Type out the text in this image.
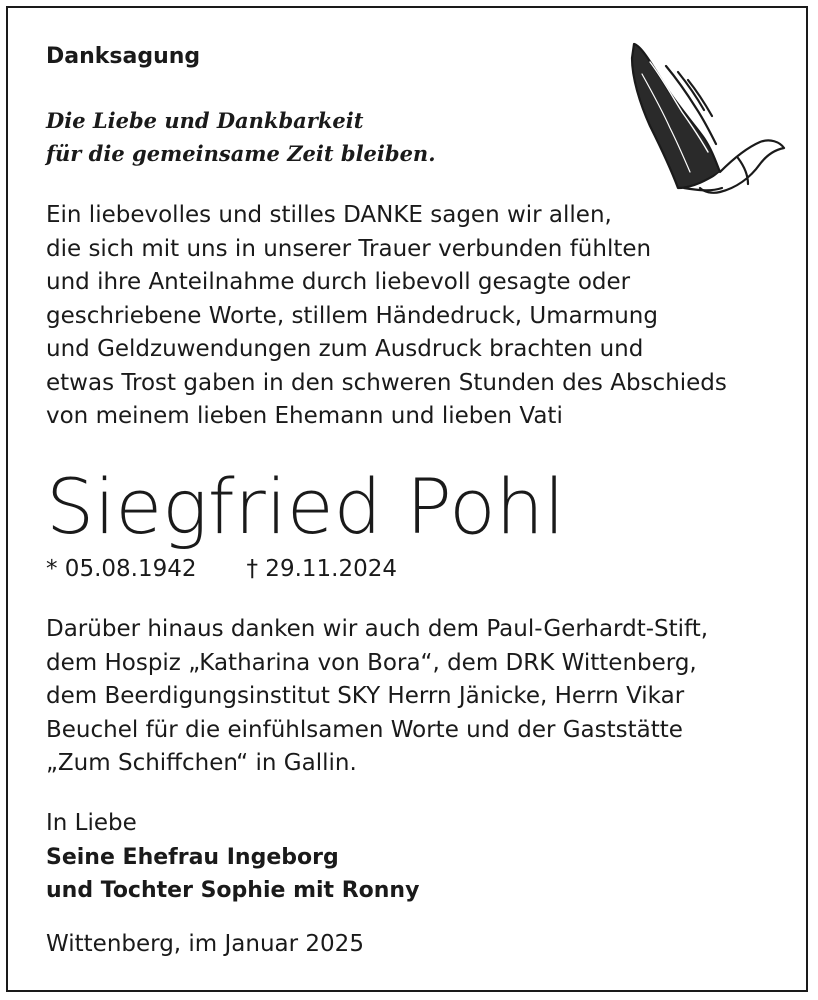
Danksagung
Die Liebe und Dankbarkeit
für die gemeinsame Zeit bleiben.
Ein liebevolles und stilles DANKE sagen wir allen,
die sich mit uns in unserer Trauer verbunden fühlten
und ihre Anteilnahme durch liebevoll gesagte oder
geschriebene Worte, stillem Händedruck, Umarmung
und Geldzuwendungen zum Ausdruck brachten und
etwas Trost gaben in den schweren Stunden des Abschieds
von meinem lieben Ehemann und lieben Vati
Siegfried Pohl
* 05.08.1942 † 29.11.2024
Darüber hinaus danken wir auch dem Paul-Gerhardt-Stift,
dem Hospiz „Katharina von Bora“, dem DRK Wittenberg,
dem Beerdigungsinstitut SKY Herrn Jänicke, Herrn Vikar
Beuchel für die einfühlsamen Worte und der Gaststätte
„Zum Schiffchen“ in Gallin.
In Liebe
Seine Ehefrau Ingeborg
und Tochter Sophie mit Ronny
Wittenberg, im Januar 2025
